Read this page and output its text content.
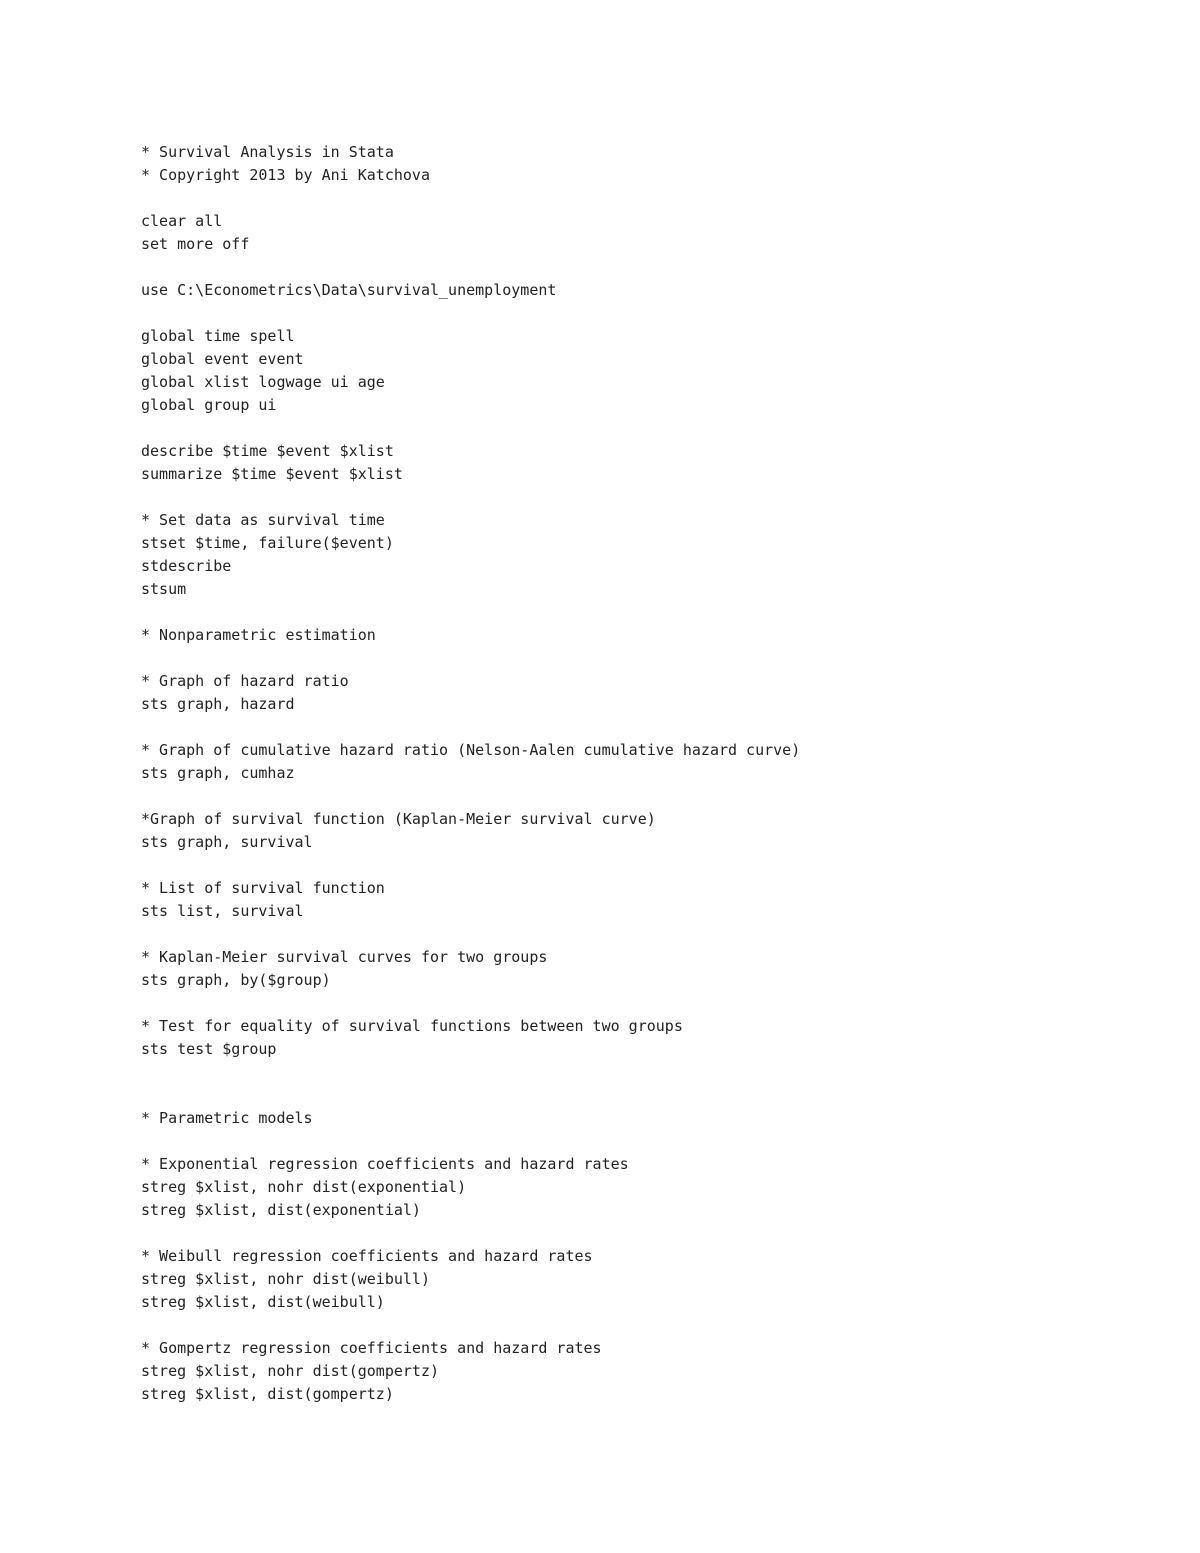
* Survival Analysis in Stata
* Copyright 2013 by Ani Katchova
clear all
set more off
use C:\Econometrics\Data\survival_unemployment
global time spell
global event event
global xlist logwage ui age
global group ui
describe $time $event $xlist
summarize $time $event $xlist
* Set data as survival time
stset $time, failure($event)
stdescribe
stsum
* Nonparametric estimation
* Graph of hazard ratio
sts graph, hazard
* Graph of cumulative hazard ratio (Nelson-Aalen cumulative hazard curve)
sts graph, cumhaz
*Graph of survival function (Kaplan-Meier survival curve)
sts graph, survival
* List of survival function
sts list, survival
* Kaplan-Meier survival curves for two groups
sts graph, by($group)
* Test for equality of survival functions between two groups
sts test $group
* Parametric models
* Exponential regression coefficients and hazard rates
streg $xlist, nohr dist(exponential)
streg $xlist, dist(exponential)
* Weibull regression coefficients and hazard rates
streg $xlist, nohr dist(weibull)
streg $xlist, dist(weibull)
* Gompertz regression coefficients and hazard rates
streg $xlist, nohr dist(gompertz)
streg $xlist, dist(gompertz)
